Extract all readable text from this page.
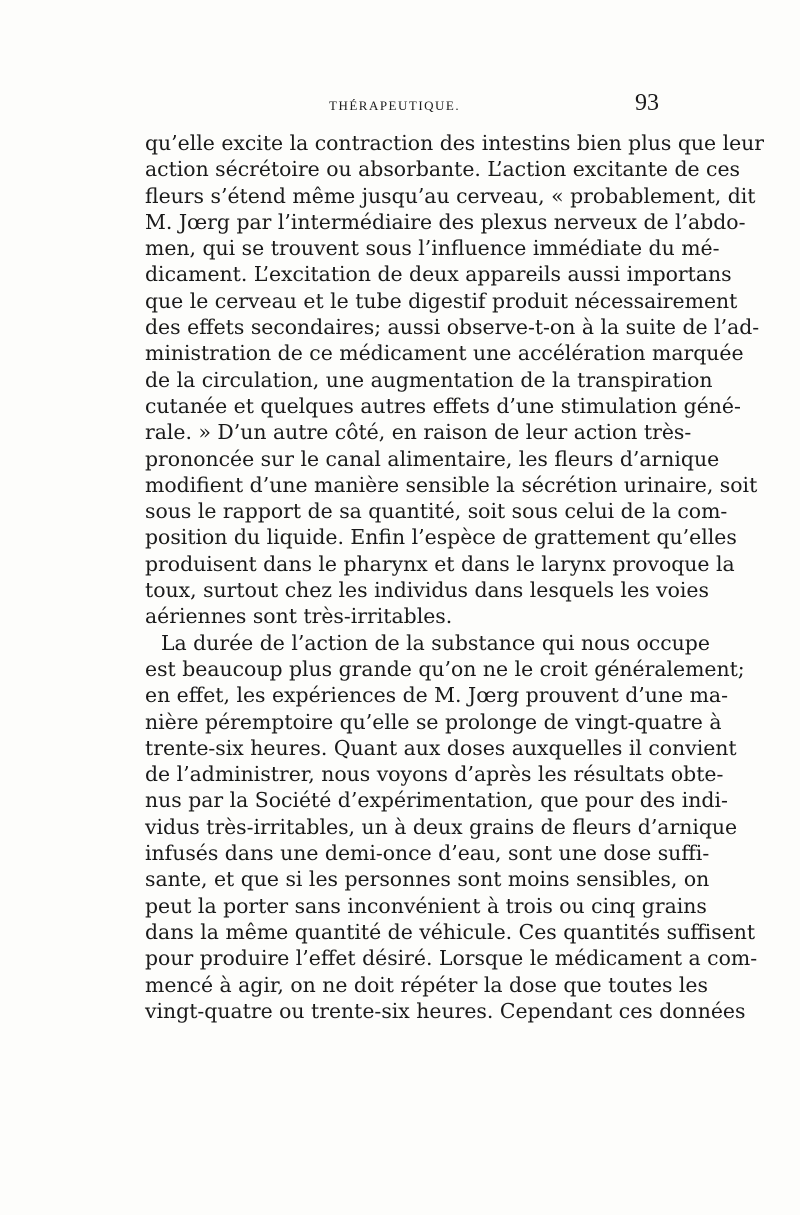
THÉRAPEUTIQUE.	93
qu’elle excite la contraction des intestins bien plus que leur
action sécrétoire ou absorbante. L’action excitante de ces
fleurs s’étend même jusqu’au cerveau, « probablement, dit
M. Jœrg par l’intermédiaire des plexus nerveux de l’abdo-
men, qui se trouvent sous l’influence immédiate du mé-
dicament. L’excitation de deux appareils aussi importans
que le cerveau et le tube digestif produit nécessairement
des effets secondaires; aussi observe-t-on à la suite de l’ad-
ministration de ce médicament une accélération marquée
de la circulation, une augmentation de la transpiration
cutanée et quelques autres effets d’une stimulation géné-
rale. » D’un autre côté, en raison de leur action très-
prononcée sur le canal alimentaire, les fleurs d’arnique
modifient d’une manière sensible la sécrétion urinaire, soit
sous le rapport de sa quantité, soit sous celui de la com-
position du liquide. Enfin l’espèce de grattement qu’elles
produisent dans le pharynx et dans le larynx provoque la
toux, surtout chez les individus dans lesquels les voies
aériennes sont très-irritables.
La durée de l’action de la substance qui nous occupe
est beaucoup plus grande qu’on ne le croit généralement;
en effet, les expériences de M. Jœrg prouvent d’une ma-
nière péremptoire qu’elle se prolonge de vingt-quatre à
trente-six heures. Quant aux doses auxquelles il convient
de l’administrer, nous voyons d’après les résultats obte-
nus par la Société d’expérimentation, que pour des indi-
vidus très-irritables, un à deux grains de fleurs d’arnique
infusés dans une demi-once d’eau, sont une dose suffi-
sante, et que si les personnes sont moins sensibles, on
peut la porter sans inconvénient à trois ou cinq grains
dans la même quantité de véhicule. Ces quantités suffisent
pour produire l’effet désiré. Lorsque le médicament a com-
mencé à agir, on ne doit répéter la dose que toutes les
vingt-quatre ou trente-six heures. Cependant ces données
